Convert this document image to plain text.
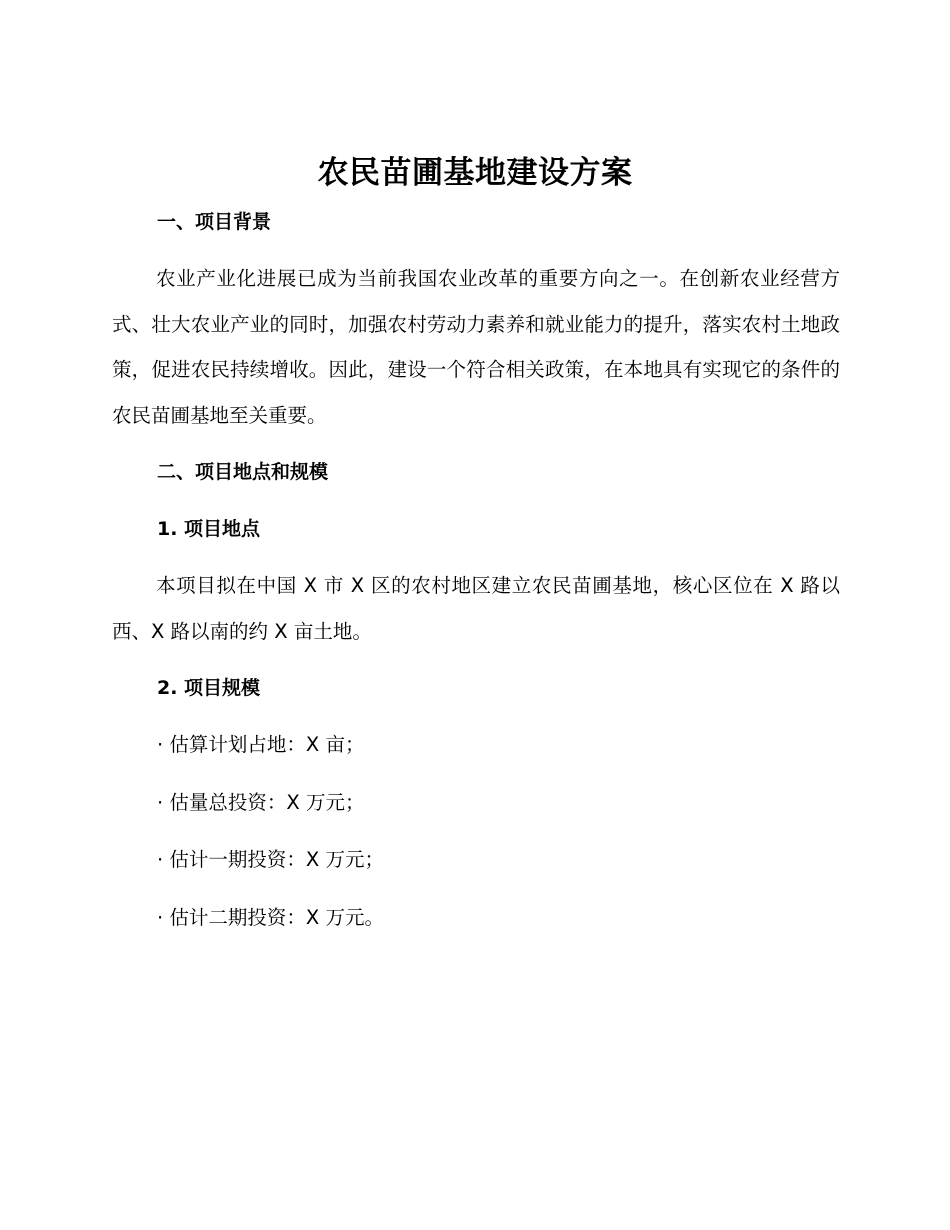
农民苗圃基地建设方案
一、项目背景

农业产业化进展已成为当前我国农业改革的重要方向之一。在创新农业经营方式、壮大农业产业的同时，加强农村劳动力素养和就业能力的提升，落实农村土地政策，促进农民持续增收。因此，建设一个符合相关政策，在本地具有实现它的条件的农民苗圃基地至关重要。

二、项目地点和规模
1. 项目地点

本项目拟在中国 X 市 X 区的农村地区建立农民苗圃基地，核心区位在 X 路以西、X 路以南的约 X 亩土地。

2. 项目规模
· 估算计划占地：X 亩；
· 估量总投资：X 万元；
· 估计一期投资：X 万元；
· 估计二期投资：X 万元。
